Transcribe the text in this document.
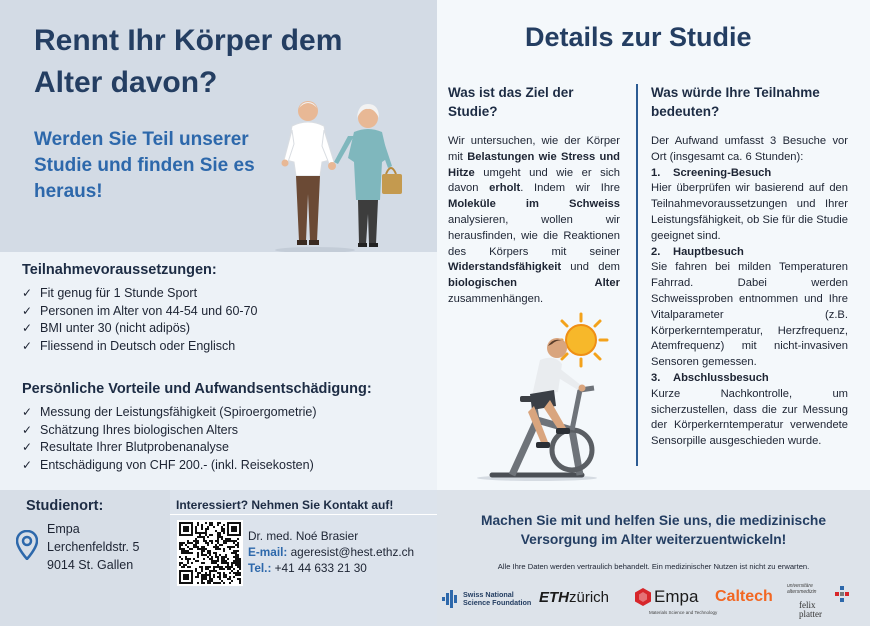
Rennt Ihr Körper dem Alter davon?
Werden Sie Teil unserer Studie und finden Sie es heraus!
Teilnahmevoraussetzungen:
✓ Fit genug für 1 Stunde Sport
✓ Personen im Alter von 44-54 und 60-70
✓ BMI unter 30 (nicht adipös)
✓ Fliessend in Deutsch oder Englisch
Persönliche Vorteile und Aufwandsentschädigung:
✓ Messung der Leistungsfähigkeit (Spiroergometrie)
✓ Schätzung Ihres biologischen Alters
✓ Resultate Ihrer Blutprobenanalyse
✓ Entschädigung von CHF 200.- (inkl. Reisekosten)
Details zur Studie
Was ist das Ziel der Studie?
Wir untersuchen, wie der Körper mit Belastungen wie Stress und Hitze umgeht und wie er sich davon erholt. Indem wir Ihre Moleküle im Schweiss analysieren, wollen wir herausfinden, wie die Reaktionen des Körpers mit seiner Widerstandsfähigkeit und dem biologischen Alter zusammenhängen.
Was würde Ihre Teilnahme bedeuten?
Der Aufwand umfasst 3 Besuche vor Ort (insgesamt ca. 6 Stunden):
1.	Screening-Besuch
Hier überprüfen wir basierend auf den Teilnahmevoraussetzungen und Ihrer Leistungsfähigkeit, ob Sie für die Studie geeignet sind.
2.	Hauptbesuch
Sie fahren bei milden Temperaturen Fahrrad. Dabei werden Schweissproben entnommen und Ihre Vitalparameter (z.B. Körperkerntemperatur, Herzfrequenz, Atemfrequenz) mit nicht-invasiven Sensoren gemessen.
3.	Abschlussbesuch
Kurze Nachkontrolle, um sicherzustellen, dass die zur Messung der Körperkerntemperatur verwendete Sensorpille ausgeschieden wurde.
Studienort:
Empa
Lerchenfeldstr. 5
9014 St. Gallen
Interessiert? Nehmen Sie Kontakt auf!
Dr. med. Noé Brasier
E-mail: ageresist@hest.ethz.ch
Tel.: +41 44 633 21 30
Machen Sie mit und helfen Sie uns, die medizinische Versorgung im Alter weiterzuentwickeln!
Alle Ihre Daten werden vertraulich behandelt. Ein medizinischer Nutzen ist nicht zu erwarten.
Swiss National
Science Foundation ETHzürich	Empa
Materials Science and Technology
Caltech
universitäre
altersmedizin
felix
platter
